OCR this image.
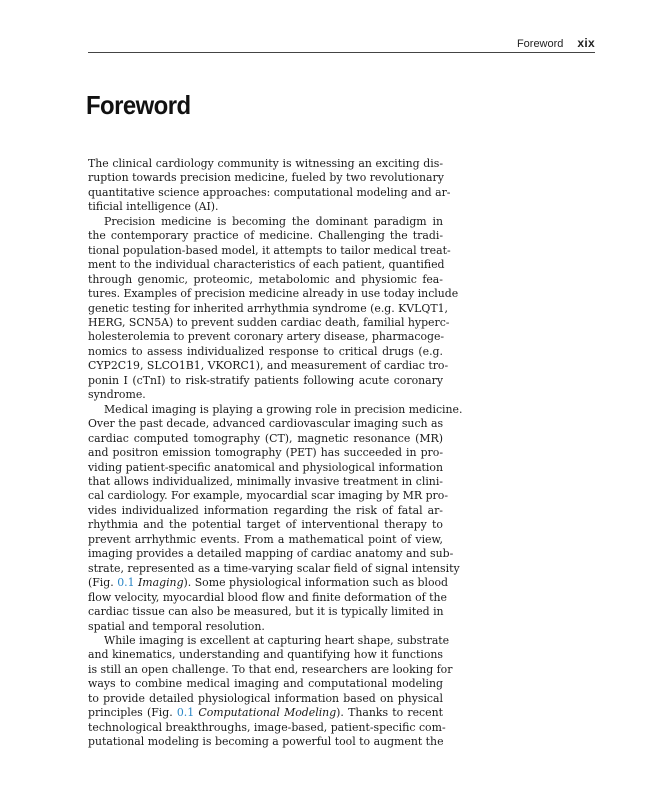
Foreword xix
Foreword
The clinical cardiology community is witnessing an exciting dis-
ruption towards precision medicine, fueled by two revolutionary
quantitative science approaches: computational modeling and ar-
tificial intelligence (AI).
Precision medicine is becoming the dominant paradigm in
the contemporary practice of medicine. Challenging the tradi-
tional population-based model, it attempts to tailor medical treat-
ment to the individual characteristics of each patient, quantified
through genomic, proteomic, metabolomic and physiomic fea-
tures. Examples of precision medicine already in use today include
genetic testing for inherited arrhythmia syndrome (e.g. KVLQT1,
HERG, SCN5A) to prevent sudden cardiac death, familial hyperc-
holesterolemia to prevent coronary artery disease, pharmacoge-
nomics to assess individualized response to critical drugs (e.g.
CYP2C19, SLCO1B1, VKORC1), and measurement of cardiac tro-
ponin I (cTnI) to risk-stratify patients following acute coronary
syndrome.
Medical imaging is playing a growing role in precision medicine.
Over the past decade, advanced cardiovascular imaging such as
cardiac computed tomography (CT), magnetic resonance (MR)
and positron emission tomography (PET) has succeeded in pro-
viding patient-specific anatomical and physiological information
that allows individualized, minimally invasive treatment in clini-
cal cardiology. For example, myocardial scar imaging by MR pro-
vides individualized information regarding the risk of fatal ar-
rhythmia and the potential target of interventional therapy to
prevent arrhythmic events. From a mathematical point of view,
imaging provides a detailed mapping of cardiac anatomy and sub-
strate, represented as a time-varying scalar field of signal intensity
(Fig. 0.1 Imaging). Some physiological information such as blood
flow velocity, myocardial blood flow and finite deformation of the
cardiac tissue can also be measured, but it is typically limited in
spatial and temporal resolution.
While imaging is excellent at capturing heart shape, substrate
and kinematics, understanding and quantifying how it functions
is still an open challenge. To that end, researchers are looking for
ways to combine medical imaging and computational modeling
to provide detailed physiological information based on physical
principles (Fig. 0.1 Computational Modeling). Thanks to recent
technological breakthroughs, image-based, patient-specific com-
putational modeling is becoming a powerful tool to augment the
